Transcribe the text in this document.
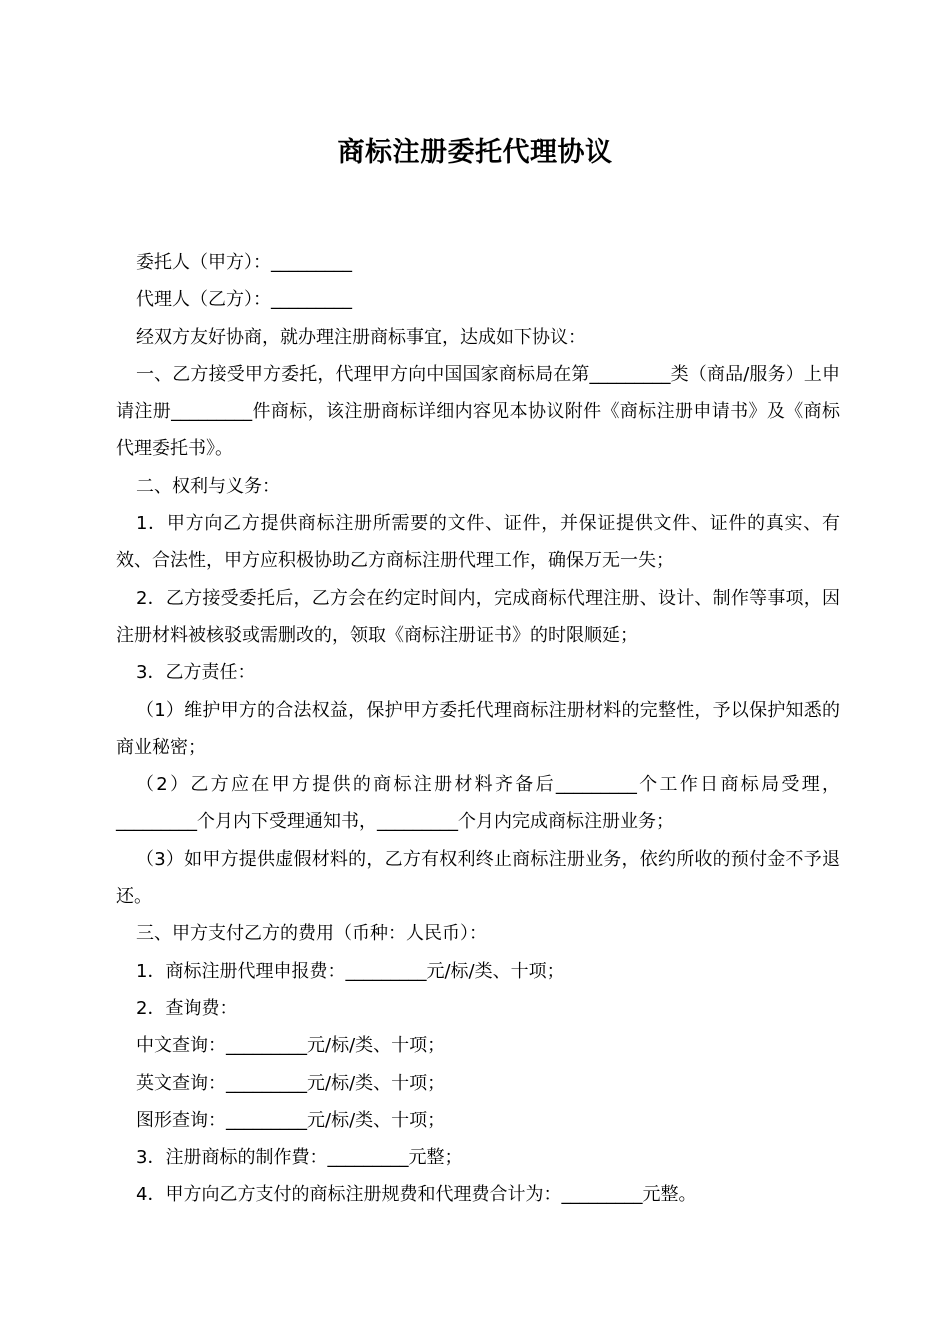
商标注册委托代理协议

委托人（甲方）：_________

代理人（乙方）：_________

经双方友好协商，就办理注册商标事宜，达成如下协议：

一、乙方接受甲方委托，代理甲方向中国国家商标局在第_________类（商品/服务）上申请注册_________件商标，该注册商标详细内容见本协议附件《商标注册申请书》及《商标代理委托书》。

二、权利与义务：

1．甲方向乙方提供商标注册所需要的文件、证件，并保证提供文件、证件的真实、有效、合法性，甲方应积极协助乙方商标注册代理工作，确保万无一失；

2．乙方接受委托后，乙方会在约定时间内，完成商标代理注册、设计、制作等事项，因注册材料被核驳或需删改的，领取《商标注册证书》的时限顺延；

3．乙方责任：

（1）维护甲方的合法权益，保护甲方委托代理商标注册材料的完整性，予以保护知悉的商业秘密；

（2）乙方应在甲方提供的商标注册材料齐备后_________个工作日商标局受理，_________个月内下受理通知书，_________个月内完成商标注册业务；

（3）如甲方提供虚假材料的，乙方有权利终止商标注册业务，依约所收的预付金不予退还。

三、甲方支付乙方的费用（币种：人民币）：

1．商标注册代理申报费：_________元/标/类、十项；

2．查询费：

中文查询：_________元/标/类、十项；

英文查询：_________元/标/类、十项；

图形查询：_________元/标/类、十项；

3．注册商标的制作費：_________元整；

4．甲方向乙方支付的商标注册规费和代理费合计为：_________元整。
